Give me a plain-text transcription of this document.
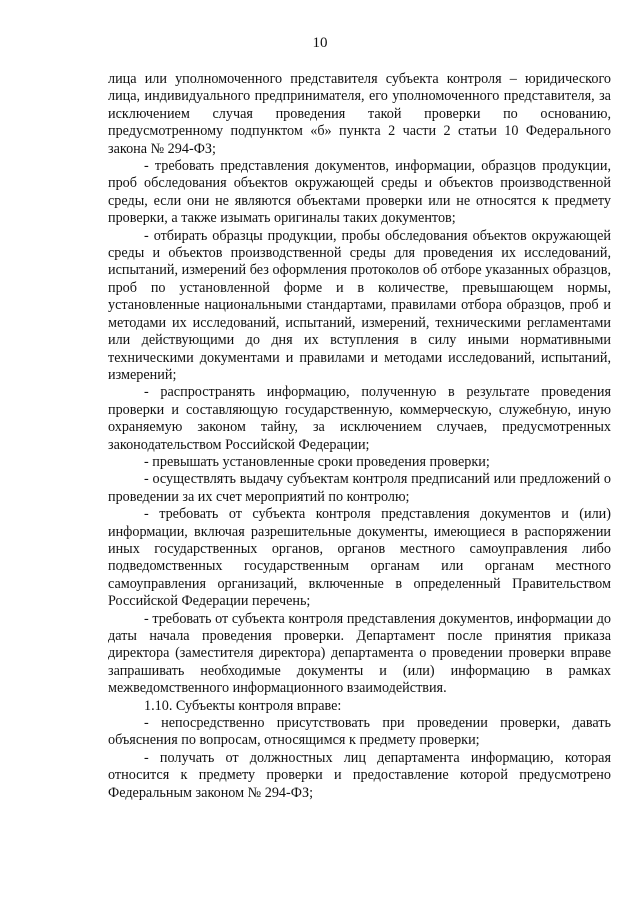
10

лица или уполномоченного представителя субъекта контроля – юридического лица, индивидуального предпринимателя, его уполномоченного представителя, за исключением случая проведения такой проверки по основанию, предусмотренному подпунктом «б» пункта 2 части 2 статьи 10 Федерального закона № 294-ФЗ;

- требовать представления документов, информации, образцов продукции, проб обследования объектов окружающей среды и объектов производственной среды, если они не являются объектами проверки или не относятся к предмету проверки, а также изымать оригиналы таких документов;

- отбирать образцы продукции, пробы обследования объектов окружающей среды и объектов производственной среды для проведения их исследований, испытаний, измерений без оформления протоколов об отборе указанных образцов, проб по установленной форме и в количестве, превышающем нормы, установленные национальными стандартами, правилами отбора образцов, проб и методами их исследований, испытаний, измерений, техническими регламентами или действующими до дня их вступления в силу иными нормативными техническими документами и правилами и методами исследований, испытаний, измерений;

- распространять информацию, полученную в результате проведения проверки и составляющую государственную, коммерческую, служебную, иную охраняемую законом тайну, за исключением случаев, предусмотренных законодательством Российской Федерации;

- превышать установленные сроки проведения проверки;

- осуществлять выдачу субъектам контроля предписаний или предложений о проведении за их счет мероприятий по контролю;

- требовать от субъекта контроля представления документов и (или) информации, включая разрешительные документы, имеющиеся в распоряжении иных государственных органов, органов местного самоуправления либо подведомственных государственным органам или органам местного самоуправления организаций, включенные в определенный Правительством Российской Федерации перечень;

- требовать от субъекта контроля представления документов, информации до даты начала проведения проверки. Департамент после принятия приказа директора (заместителя директора) департамента о проведении проверки вправе запрашивать необходимые документы и (или) информацию в рамках межведомственного информационного взаимодействия.

1.10. Субъекты контроля вправе:

- непосредственно присутствовать при проведении проверки, давать объяснения по вопросам, относящимся к предмету проверки;

- получать от должностных лиц департамента информацию, которая относится к предмету проверки и предоставление которой предусмотрено Федеральным законом № 294-ФЗ;
